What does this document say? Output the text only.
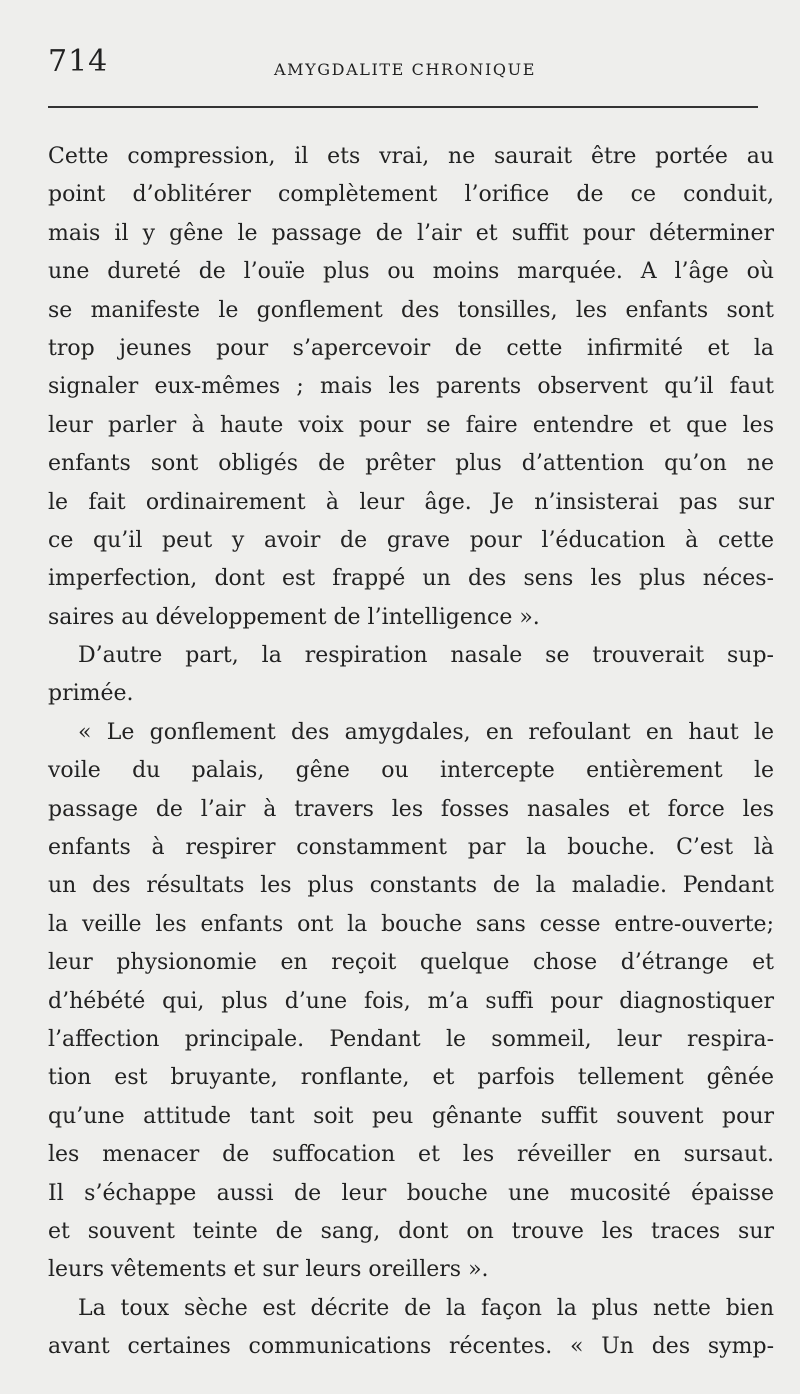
714	AMYGDALITE CHRONIQUE
Cette compression, il ets vrai, ne saurait être portée au
point d’oblitérer complètement l’orifice de ce conduit,
mais il y gêne le passage de l’air et suffit pour déterminer
une dureté de l’ouïe plus ou moins marquée. A l’âge où
se manifeste le gonflement des tonsilles, les enfants sont
trop jeunes pour s’apercevoir de cette infirmité et la
signaler eux-mêmes ; mais les parents observent qu’il faut
leur parler à haute voix pour se faire entendre et que les
enfants sont obligés de prêter plus d’attention qu’on ne
le fait ordinairement à leur âge. Je n’insisterai pas sur
ce qu’il peut y avoir de grave pour l’éducation à cette
imperfection, dont est frappé un des sens les plus néces-
saires au développement de l’intelligence ».
D’autre part, la respiration nasale se trouverait sup-
primée.
« Le gonflement des amygdales, en refoulant en haut le
voile du palais, gêne ou intercepte entièrement le
passage de l’air à travers les fosses nasales et force les
enfants à respirer constamment par la bouche. C’est là
un des résultats les plus constants de la maladie. Pendant
la veille les enfants ont la bouche sans cesse entre-ouverte;
leur physionomie en reçoit quelque chose d’étrange et
d’hébété qui, plus d’une fois, m’a suffi pour diagnostiquer
l’affection principale. Pendant le sommeil, leur respira-
tion est bruyante, ronflante, et parfois tellement gênée
qu’une attitude tant soit peu gênante suffit souvent pour
les menacer de suffocation et les réveiller en sursaut.
Il s’échappe aussi de leur bouche une mucosité épaisse
et souvent teinte de sang, dont on trouve les traces sur
leurs vêtements et sur leurs oreillers ».
La toux sèche est décrite de la façon la plus nette bien
avant certaines communications récentes. « Un des symp-
